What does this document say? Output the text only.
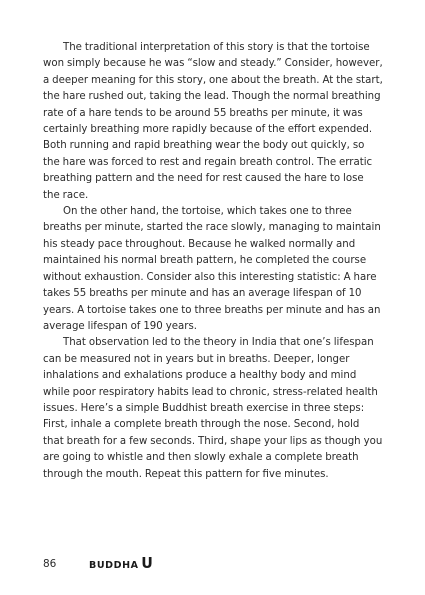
The traditional interpretation of this story is that the tortoise won simply because he was “slow and steady.” Consider, however, a deeper meaning for this story, one about the breath. At the start, the hare rushed out, taking the lead. Though the normal breathing rate of a hare tends to be around 55 breaths per minute, it was certainly breathing more rapidly because of the effort expended. Both running and rapid breathing wear the body out quickly, so the hare was forced to rest and regain breath control. The erratic breathing pattern and the need for rest caused the hare to lose the race.

On the other hand, the tortoise, which takes one to three breaths per minute, started the race slowly, managing to maintain his steady pace throughout. Because he walked normally and maintained his normal breath pattern, he completed the course without exhaustion. Consider also this interesting statistic: A hare takes 55 breaths per minute and has an average lifespan of 10 years. A tortoise takes one to three breaths per minute and has an average lifespan of 190 years.

That observation led to the theory in India that one’s lifespan can be measured not in years but in breaths. Deeper, longer inhalations and exhalations produce a healthy body and mind while poor respiratory habits lead to chronic, stress-related health issues. Here’s a simple Buddhist breath exercise in three steps: First, inhale a complete breath through the nose. Second, hold that breath for a few seconds. Third, shape your lips as though you are going to whistle and then slowly exhale a complete breath through the mouth. Repeat this pattern for five minutes.

86	BUDDHA U
